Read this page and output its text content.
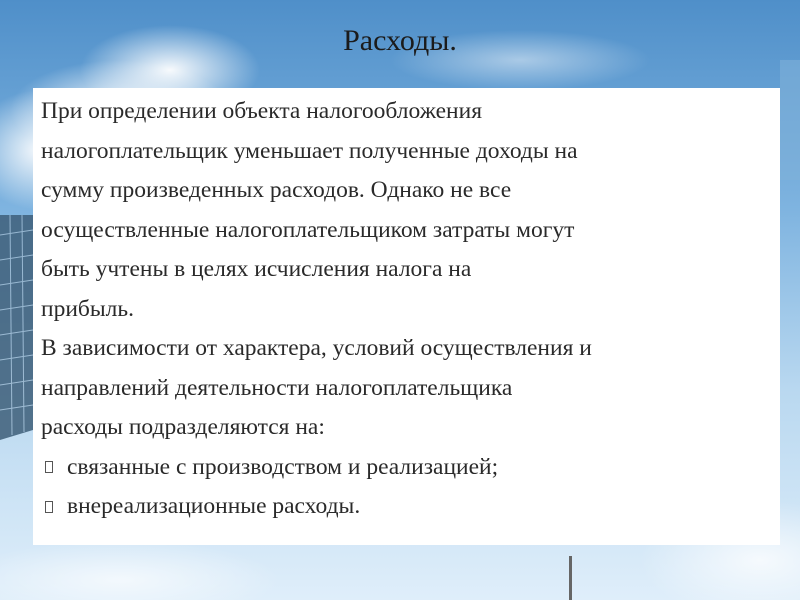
Расходы.
При определении объекта налогообложения
налогоплательщик уменьшает полученные доходы на
сумму произведенных расходов. Однако не все
осуществленные налогоплательщиком затраты могут
быть учтены в целях исчисления налога на
прибыль.
В зависимости от характера, условий осуществления и
направлений деятельности налогоплательщика
расходы подразделяются на:
связанные с производством и реализацией;
внереализационные расходы.
